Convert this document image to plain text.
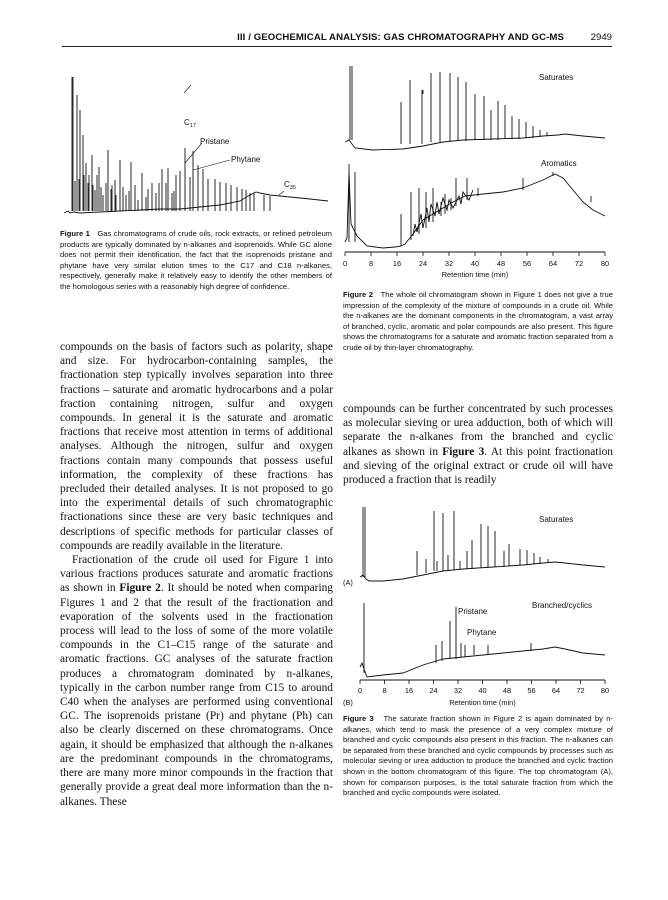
III / GEOCHEMICAL ANALYSIS: GAS CHROMATOGRAPHY AND GC-MS	2949
$C_{17}$
Pristane
Phytane
$C_{35}$
Figure 1 Gas chromatograms of crude oils, rock extracts, or refined petroleum products are typically dominated by n-alkanes and isoprenoids. While GC alone does not permit their identification, the fact that the isoprenoids pristane and phytane have very similar elution times to the C17 and C18 n-alkanes, respectively, generally make it relatively easy to identify the other members of the homologous series with a reasonably high degree of confidence.
Saturates
Aromatics
0	8	16 24 32 40 48 56 64 72 80
Retention time (min)
Figure 2 The whole oil chromatogram shown in Figure 1 does not give a true impression of the complexity of the mixture of compounds in a crude oil. While the n-alkanes are the dominant components in the chromatogram, a vast array of branched, cyclic, aromatic and polar compounds are also present. This figure shows the chromatograms for a saturate and aromatic fraction separated from a crude oil by thin-layer chromatography.

compounds on the basis of factors such as polarity, shape and size. For hydrocarbon-containing samples, the fractionation step typically involves separation into three fractions – saturate and aromatic hydrocarbons and a polar fraction containing nitrogen, sulfur and oxygen compounds. In general it is the saturate and aromatic fractions that receive most attention in terms of additional analyses. Although the nitrogen, sulfur and oxygen fractions contain many compounds that possess useful information, the complexity of these fractions has precluded their detailed analyses. It is not proposed to go into the experimental details of such chromatographic fractionations since these are very basic techniques and descriptions of specific methods for particular classes of compounds are readily available in the literature.

Fractionation of the crude oil used for Figure 1 into various fractions produces saturate and aromatic fractions as shown in Figure 2. It should be noted when comparing Figures 1 and 2 that the result of the fractionation and evaporation of the solvents used in the fractionation process will lead to the loss of some of the more volatile compounds in the C1–C15 range of the saturate and aromatic fractions. GC analyses of the saturate fraction produces a chromatogram dominated by n-alkanes, typically in the carbon number range from C15 to around C40 when the analyses are performed using conventional GC. The isoprenoids pristane (Pr) and phytane (Ph) can also be clearly discerned on these chromatograms. Once again, it should be emphasized that although the n-alkanes are the predominant compounds in the chromatograms, there are many more minor compounds in the fraction that generally provide a great deal more information than the n-alkanes. These

compounds can be further concentrated by such processes as molecular sieving or urea adduction, both of which will separate the n-alkanes from the branched and cyclic alkanes as shown in Figure 3. At this point fractionation and sieving of the original extract or crude oil will have produced a fraction that is readily

Saturates
(A)
Branched/cyclics
Pristane
Phytane
0	8 16 24 32 40 48 56 64 72 80
(B)	Retention time (min)
Figure 3 The saturate fraction shown in Figure 2 is again dominated by n-alkanes, which tend to mask the presence of a very complex mixture of branched and cyclic compounds also present in this fraction. The n-alkanes can be separated from these branched and cyclic compounds by processes such as molecular sieving or urea adduction to produce the branched and cyclic fraction shown in the bottom chromatogram of this figure. The top chromatogram (A), shown for comparison purposes, is the total saturate fraction from which the branched and cyclic compounds were isolated.
